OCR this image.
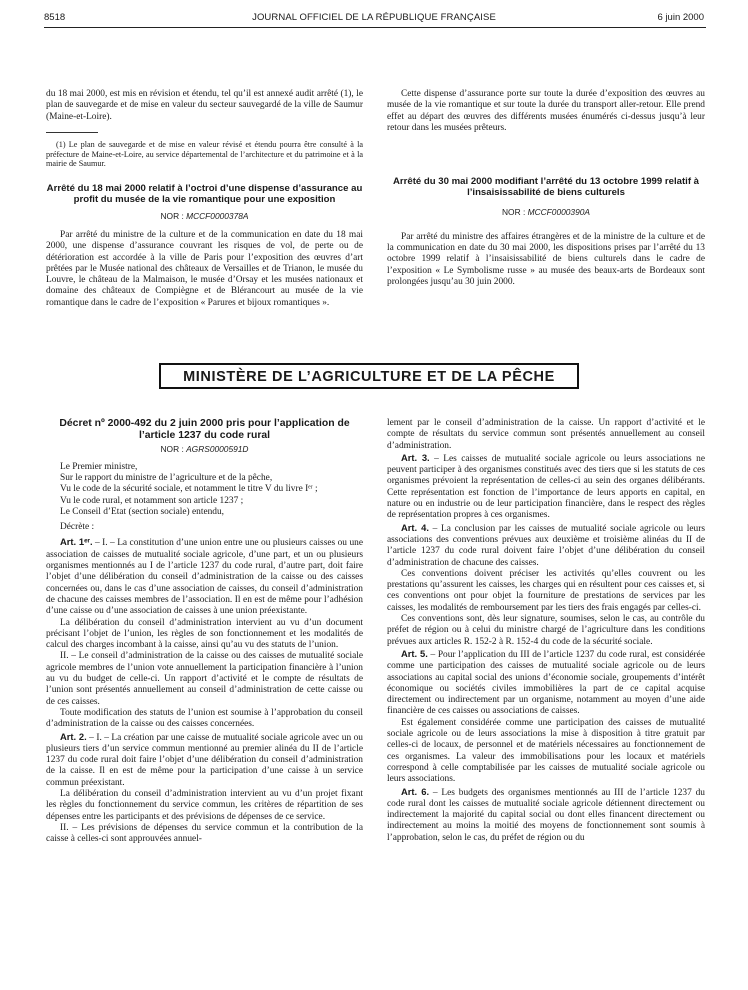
8518	JOURNAL OFFICIEL DE LA RÉPUBLIQUE FRANÇAISE	6 juin 2000

du 18 mai 2000, est mis en révision et étendu, tel qu’il est annexé audit arrêté (1), le plan de sauvegarde et de mise en valeur du secteur sauvegardé de la ville de Saumur (Maine-et-Loire).

(1) Le plan de sauvegarde et de mise en valeur révisé et étendu pourra être consulté à la préfecture de Maine-et-Loire, au service départemental de l’architecture et du patrimoine et à la mairie de Saumur.

Arrêté du 18 mai 2000 relatif à l’octroi d’une dispense d’assurance au profit du musée de la vie romantique pour une exposition

NOR : MCCF0000378A

Par arrêté du ministre de la culture et de la communication en date du 18 mai 2000, une dispense d’assurance couvrant les risques de vol, de perte ou de détérioration est accordée à la ville de Paris pour l’exposition des œuvres d’art prêtées par le Musée national des châteaux de Versailles et de Trianon, le musée du Louvre, le château de la Malmaison, le musée d’Orsay et les musées nationaux et domaine des châteaux de Compiègne et de Blérancourt au musée de la vie romantique dans le cadre de l’exposition « Parures et bijoux romantiques ».

Cette dispense d’assurance porte sur toute la durée d’exposition des œuvres au musée de la vie romantique et sur toute la durée du transport aller-retour. Elle prend effet au départ des œuvres des différents musées énumérés ci-dessus jusqu’à leur retour dans les musées prêteurs.

Arrêté du 30 mai 2000 modifiant l’arrêté du 13 octobre 1999 relatif à l’insaisissabilité de biens culturels

NOR : MCCF0000390A

Par arrêté du ministre des affaires étrangères et de la ministre de la culture et de la communication en date du 30 mai 2000, les dispositions prises par l’arrêté du 13 octobre 1999 relatif à l’insaisissabilité de biens culturels dans le cadre de l’exposition « Le Symbolisme russe » au musée des beaux-arts de Bordeaux sont prolongées jusqu’au 30 juin 2000.

MINISTÈRE DE L’AGRICULTURE ET DE LA PÊCHE

Décret nº 2000-492 du 2 juin 2000 pris pour l’application de l’article 1237 du code rural

NOR : AGRS0000591D

Le Premier ministre,

Sur le rapport du ministre de l’agriculture et de la pêche,

Vu le code de la sécurité sociale, et notamment le titre V du livre Iᵉʳ ;

Vu le code rural, et notamment son article 1237 ;

Le Conseil d’Etat (section sociale) entendu,

Décrète :

Art. 1ᵉʳ. – I. – La constitution d’une union entre une ou plusieurs caisses ou une association de caisses de mutualité sociale agricole, d’une part, et un ou plusieurs organismes mentionnés au I de l’article 1237 du code rural, d’autre part, doit faire l’objet d’une délibération du conseil d’administration de la caisse ou des caisses concernées ou, dans le cas d’une association de caisses, du conseil d’administration de chacune des caisses membres de l’association. Il en est de même pour l’adhésion d’une caisse ou d’une association de caisses à une union préexistante.

La délibération du conseil d’administration intervient au vu d’un document précisant l’objet de l’union, les règles de son fonctionnement et les modalités de calcul des charges incombant à la caisse, ainsi qu’au vu des statuts de l’union.

II. – Le conseil d’administration de la caisse ou des caisses de mutualité sociale agricole membres de l’union vote annuellement la participation financière à l’union au vu du budget de celle-ci. Un rapport d’activité et le compte de résultats de l’union sont présentés annuellement au conseil d’administration de cette caisse ou de ces caisses.

Toute modification des statuts de l’union est soumise à l’approbation du conseil d’administration de la caisse ou des caisses concernées.

Art. 2. – I. – La création par une caisse de mutualité sociale agricole avec un ou plusieurs tiers d’un service commun mentionné au premier alinéa du II de l’article 1237 du code rural doit faire l’objet d’une délibération du conseil d’administration de la caisse. Il en est de même pour la participation d’une caisse à un service commun préexistant.

La délibération du conseil d’administration intervient au vu d’un projet fixant les règles du fonctionnement du service commun, les critères de répartition de ses dépenses entre les participants et des prévisions de dépenses de ce service.

II. – Les prévisions de dépenses du service commun et la contribution de la caisse à celles-ci sont approuvées annuel-

lement par le conseil d’administration de la caisse. Un rapport d’activité et le compte de résultats du service commun sont présentés annuellement au conseil d’administration.

Art. 3. – Les caisses de mutualité sociale agricole ou leurs associations ne peuvent participer à des organismes constitués avec des tiers que si les statuts de ces organismes prévoient la représentation de celles-ci au sein des organes délibérants. Cette représentation est fonction de l’importance de leurs apports en capital, en nature ou en industrie ou de leur participation financière, dans le respect des règles de représentation propres à ces organismes.

Art. 4. – La conclusion par les caisses de mutualité sociale agricole ou leurs associations des conventions prévues aux deuxième et troisième alinéas du II de l’article 1237 du code rural doivent faire l’objet d’une délibération du conseil d’administration de chacune des caisses.

Ces conventions doivent préciser les activités qu’elles couvrent ou les prestations qu’assurent les caisses, les charges qui en résultent pour ces caisses et, si ces conventions ont pour objet la fourniture de prestations de services par les caisses, les modalités de remboursement par les tiers des frais engagés par celles-ci.

Ces conventions sont, dès leur signature, soumises, selon le cas, au contrôle du préfet de région ou à celui du ministre chargé de l’agriculture dans les conditions prévues aux articles R. 152-2 à R. 152-4 du code de la sécurité sociale.

Art. 5. – Pour l’application du III de l’article 1237 du code rural, est considérée comme une participation des caisses de mutualité sociale agricole ou de leurs associations au capital social des unions d’économie sociale, groupements d’intérêt économique ou sociétés civiles immobilières la part de ce capital acquise directement ou indirectement par un organisme, notamment au moyen d’une aide financière de ces caisses ou associations de caisses.

Est également considérée comme une participation des caisses de mutualité sociale agricole ou de leurs associations la mise à disposition à titre gratuit par celles-ci de locaux, de personnel et de matériels nécessaires au fonctionnement de ces organismes. La valeur des immobilisations pour les locaux et matériels correspond à celle comptabilisée par les caisses de mutualité sociale agricole ou leurs associations.

Art. 6. – Les budgets des organismes mentionnés au III de l’article 1237 du code rural dont les caisses de mutualité sociale agricole détiennent directement ou indirectement la majorité du capital social ou dont elles financent directement ou indirectement au moins la moitié des moyens de fonctionnement sont soumis à l’approbation, selon le cas, du préfet de région ou du
